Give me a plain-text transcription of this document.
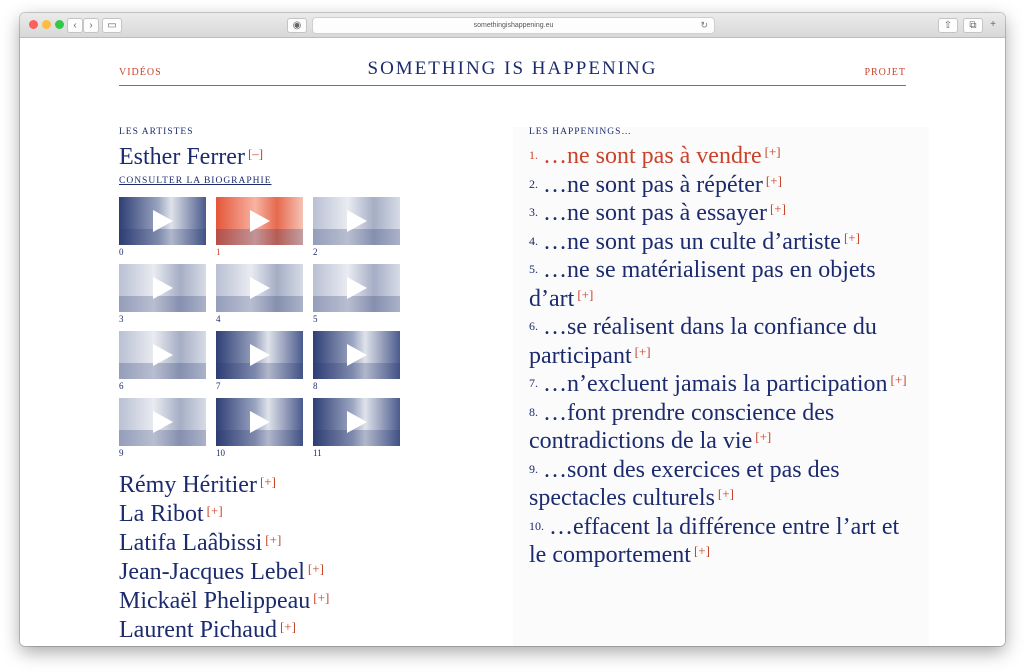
‹	›	▭	◉	somethingishappening.eu	↻	⇧	⧉	+
VIDÉOS	SOMETHING IS HAPPENING	PROJET
LES ARTISTES
Esther Ferrer [–]
CONSULTER LA BIOGRAPHIE
0	1	2
3	4	5
6	7	8
9	10	11
Rémy Héritier [+]
La Ribot [+]
Latifa Laâbissi [+]
Jean-Jacques Lebel [+]
Mickaël Phelippeau [+]
Laurent Pichaud [+]
LES HAPPENINGS…
$^{1.}$ …ne sont pas à vendre [+]
$^{2.}$ …ne sont pas à répéter [+]
$^{3.}$ …ne sont pas à essayer [+]
$^{4.}$ …ne sont pas un culte d’artiste [+]
$^{5.}$ …ne se matérialisent pas en objets d’art [+]
$^{6.}$ …se réalisent dans la confiance du participant [+]
$^{7.}$ …n’excluent jamais la participation [+]
$^{8.}$ …font prendre conscience des contradictions de la vie [+]
$^{9.}$ …sont des exercices et pas des spectacles culturels [+]
$^{10.}$ …effacent la différence entre l’art et le comportement [+]
